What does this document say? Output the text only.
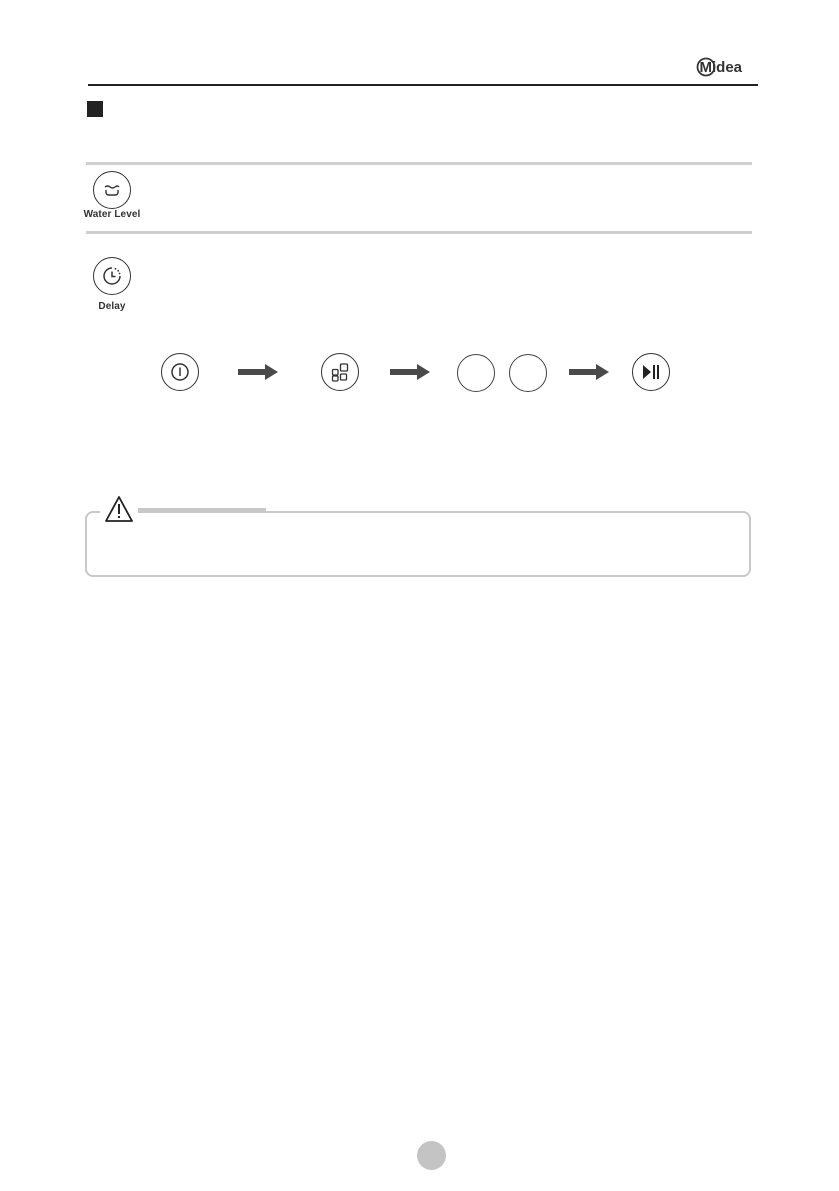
Midea
Water Level
Delay
